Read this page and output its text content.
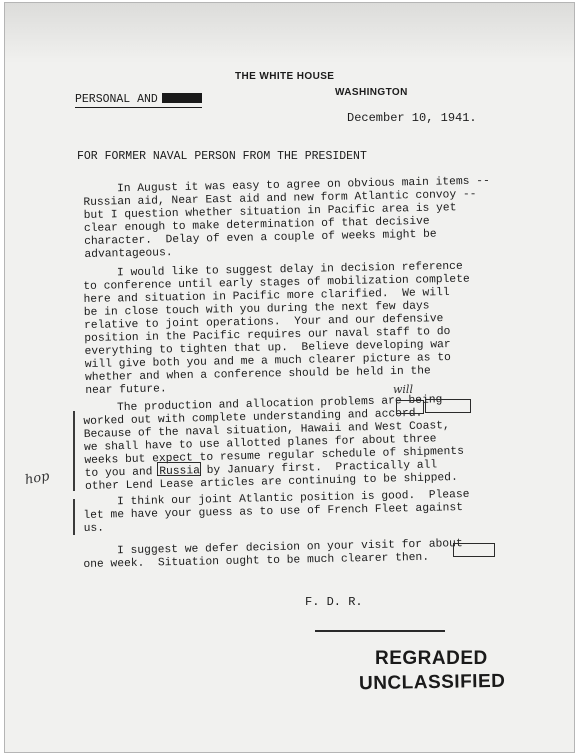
THE WHITE HOUSE
WASHINGTON
PERSONAL AND
December 10, 1941.
FOR FORMER NAVAL PERSON FROM THE PRESIDENT

In August it was easy to agree on obvious main items --
Russian aid, Near East aid and new form Atlantic convoy --
but I question whether situation in Pacific area is yet
clear enough to make determination of that decisive
character.  Delay of even a couple of weeks might be
advantageous.

I would like to suggest delay in decision reference
to conference until early stages of mobilization complete
here and situation in Pacific more clarified.  We will
be in close touch with you during the next few days
relative to joint operations.  Your and our defensive
position in the Pacific requires our naval staff to do
everything to tighten that up.  Believe developing war
will give both you and me a much clearer picture as to
whether and when a conference should be held in the
near future.

The production and allocation problems are being
worked out with complete understanding and accord.
Because of the naval situation, Hawaii and West Coast,
we shall have to use allotted planes for about three
weeks but expect to resume regular schedule of shipments
to you and Russia by January first.  Practically all
other Lend Lease articles are continuing to be shipped.

I think our joint Atlantic position is good.  Please
let me have your guess as to use of French Fleet against
us.

I suggest we defer decision on your visit for about
one week.  Situation ought to be much clearer then.

will
hop
F. D. R.
REGRADED
UNCLASSIFIED
